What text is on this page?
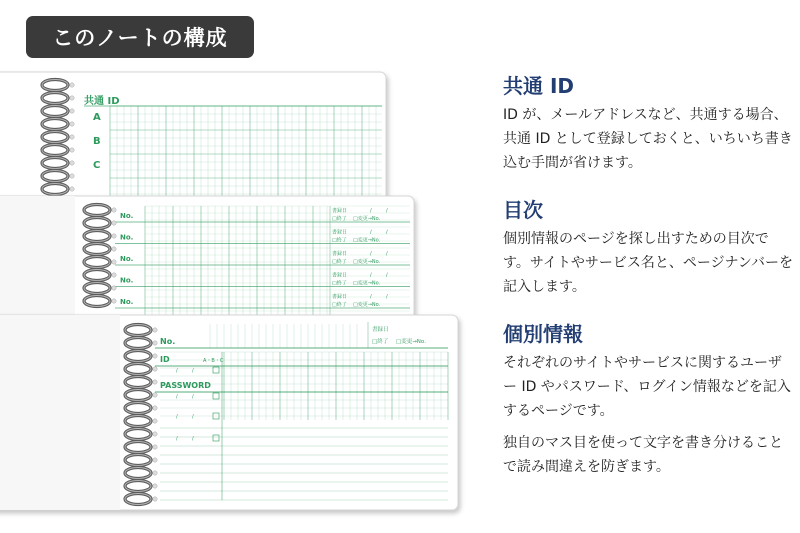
このノートの構成
共通 ID
A
B
C
No.
書録日	/	/
□終了 □変更→No.
No.
書録日	/	/
□終了 □変更→No.
No.
書録日	/	/
□終了 □変更→No.
No.
書録日	/	/
□終了 □変更→No.
No.
書録日	/	/
□終了 □変更→No.
No.
書録日
□終了 □変更→No.
ID	A・B・C
PASSWORD
/	/
/	/
/	/
/	/
共通 ID

ID が、メールアドレスなど、共通する場合、共通 ID として登録しておくと、いちいち書き込む手間が省けます。

目次

個別情報のページを探し出すための目次です。サイトやサービス名と、ページナンバーを記入します。

個別情報

それぞれのサイトやサービスに関するユーザー ID やパスワード、ログイン情報などを記入するページです。

独自のマス目を使って文字を書き分けることで読み間違えを防ぎます。
